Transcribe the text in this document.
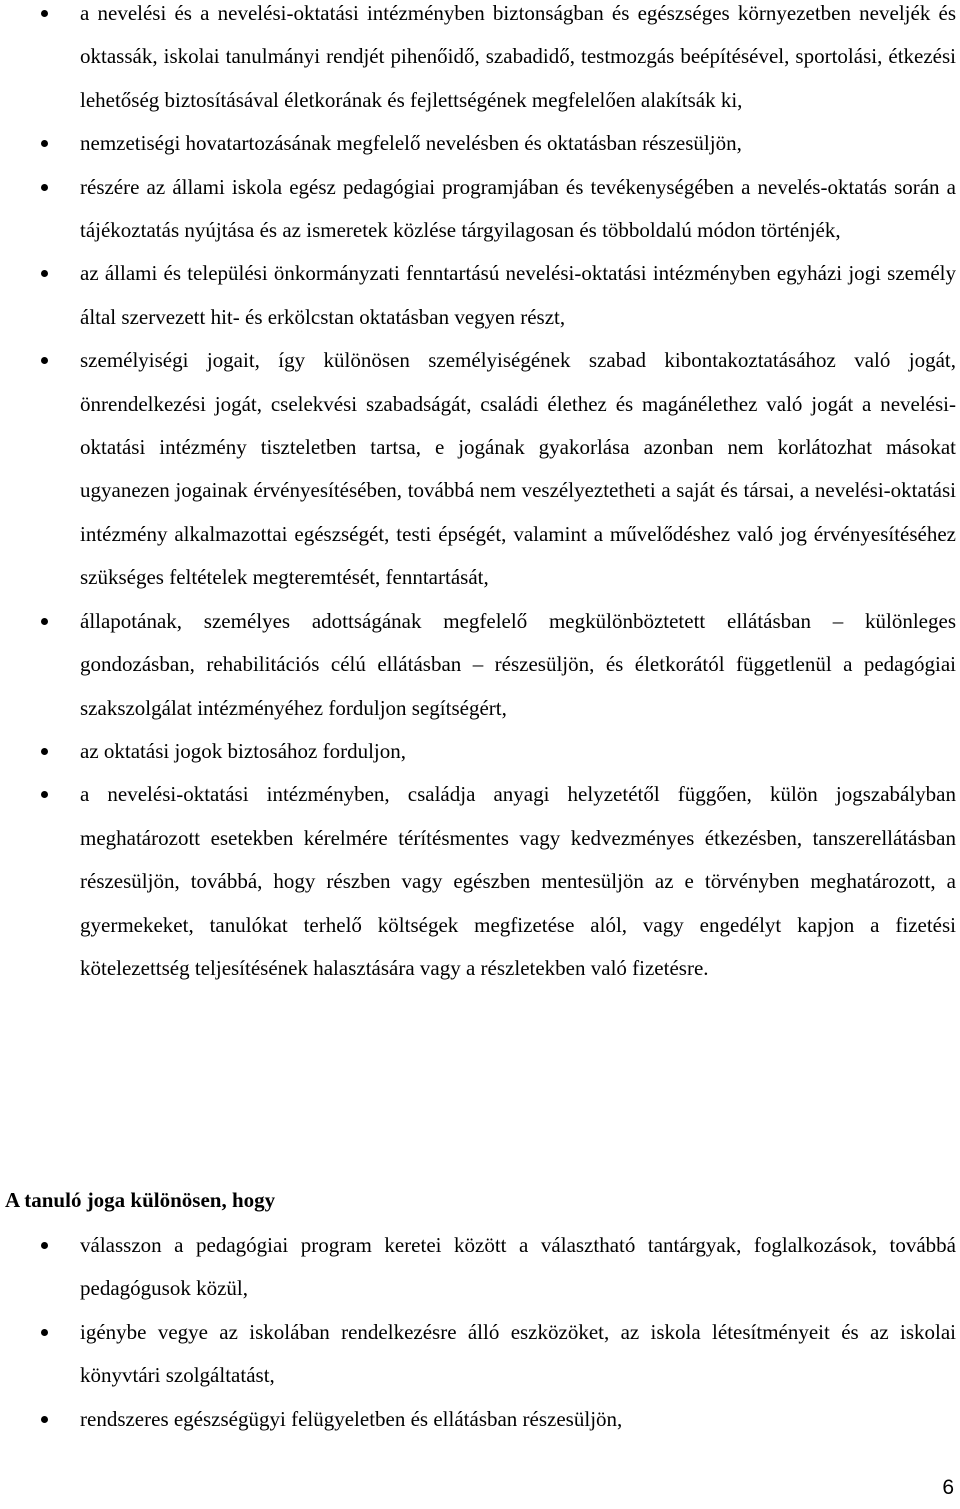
a nevelési és a nevelési-oktatási intézményben biztonságban és egészséges környezetben neveljék és oktassák, iskolai tanulmányi rendjét pihenőidő, szabadidő, testmozgás beépítésével, sportolási, étkezési lehetőség biztosításával életkorának és fejlettségének megfelelően alakítsák ki,
nemzetiségi hovatartozásának megfelelő nevelésben és oktatásban részesüljön,
részére az állami iskola egész pedagógiai programjában és tevékenységében a nevelés-oktatás során a tájékoztatás nyújtása és az ismeretek közlése tárgyilagosan és többoldalú módon történjék,
az állami és települési önkormányzati fenntartású nevelési-oktatási intézményben egyházi jogi személy által szervezett hit- és erkölcstan oktatásban vegyen részt,
személyiségi jogait, így különösen személyiségének szabad kibontakoztatásához való jogát, önrendelkezési jogát, cselekvési szabadságát, családi élethez és magánélethez való jogát a nevelési-oktatási intézmény tiszteletben tartsa, e jogának gyakorlása azonban nem korlátozhat másokat ugyanezen jogainak érvényesítésében, továbbá nem veszélyeztetheti a saját és társai, a nevelési-oktatási intézmény alkalmazottai egészségét, testi épségét, valamint a művelődéshez való jog érvényesítéséhez szükséges feltételek megteremtését, fenntartását,
állapotának, személyes adottságának megfelelő megkülönböztetett ellátásban – különleges gondozásban, rehabilitációs célú ellátásban – részesüljön, és életkorától függetlenül a pedagógiai szakszolgálat intézményéhez forduljon segítségért,
az oktatási jogok biztosához forduljon,
a nevelési-oktatási intézményben, családja anyagi helyzetétől függően, külön jogszabályban meghatározott esetekben kérelmére térítésmentes vagy kedvezményes étkezésben, tanszerellátásban részesüljön, továbbá, hogy részben vagy egészben mentesüljön az e törvényben meghatározott, a gyermekeket, tanulókat terhelő költségek megfizetése alól, vagy engedélyt kapjon a fizetési kötelezettség teljesítésének halasztására vagy a részletekben való fizetésre.
A tanuló joga különösen, hogy
válasszon a pedagógiai program keretei között a választható tantárgyak, foglalkozások, továbbá pedagógusok közül,
igénybe vegye az iskolában rendelkezésre álló eszközöket, az iskola létesítményeit és az iskolai könyvtári szolgáltatást,
rendszeres egészségügyi felügyeletben és ellátásban részesüljön,
6
